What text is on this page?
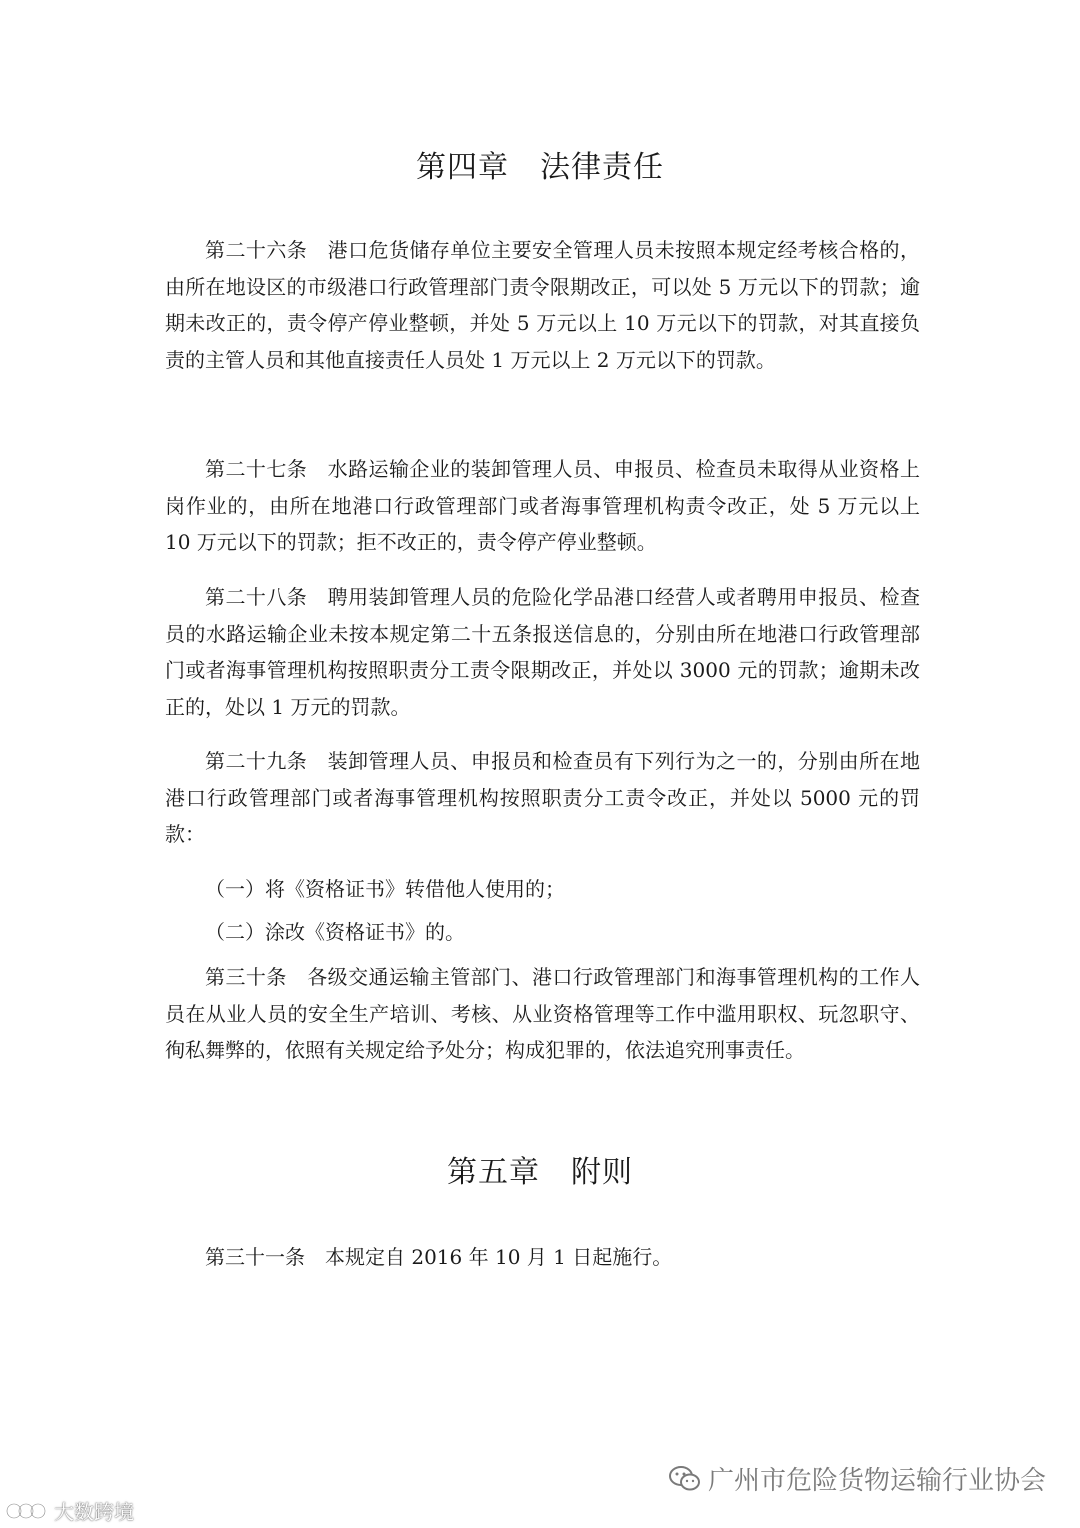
第四章　法律责任

第二十六条　港口危货储存单位主要安全管理人员未按照本规定经考核合格的，由所在地设区的市级港口行政管理部门责令限期改正，可以处 5 万元以下的罚款；逾期未改正的，责令停产停业整顿，并处 5 万元以上 10 万元以下的罚款，对其直接负责的主管人员和其他直接责任人员处 1 万元以上 2 万元以下的罚款。

第二十七条　水路运输企业的装卸管理人员、申报员、检查员未取得从业资格上岗作业的，由所在地港口行政管理部门或者海事管理机构责令改正，处 5 万元以上 10 万元以下的罚款；拒不改正的，责令停产停业整顿。

第二十八条　聘用装卸管理人员的危险化学品港口经营人或者聘用申报员、检查员的水路运输企业未按本规定第二十五条报送信息的，分别由所在地港口行政管理部门或者海事管理机构按照职责分工责令限期改正，并处以 3000 元的罚款；逾期未改正的，处以 1 万元的罚款。

第二十九条　装卸管理人员、申报员和检查员有下列行为之一的，分别由所在地港口行政管理部门或者海事管理机构按照职责分工责令改正，并处以 5000 元的罚款：

（一）将《资格证书》转借他人使用的；
（二）涂改《资格证书》的。

第三十条　各级交通运输主管部门、港口行政管理部门和海事管理机构的工作人员在从业人员的安全生产培训、考核、从业资格管理等工作中滥用职权、玩忽职守、徇私舞弊的，依照有关规定给予处分；构成犯罪的，依法追究刑事责任。

第五章　附则

第三十一条　本规定自 2016 年 10 月 1 日起施行。

广州市危险货物运输行业协会
大数跨境
